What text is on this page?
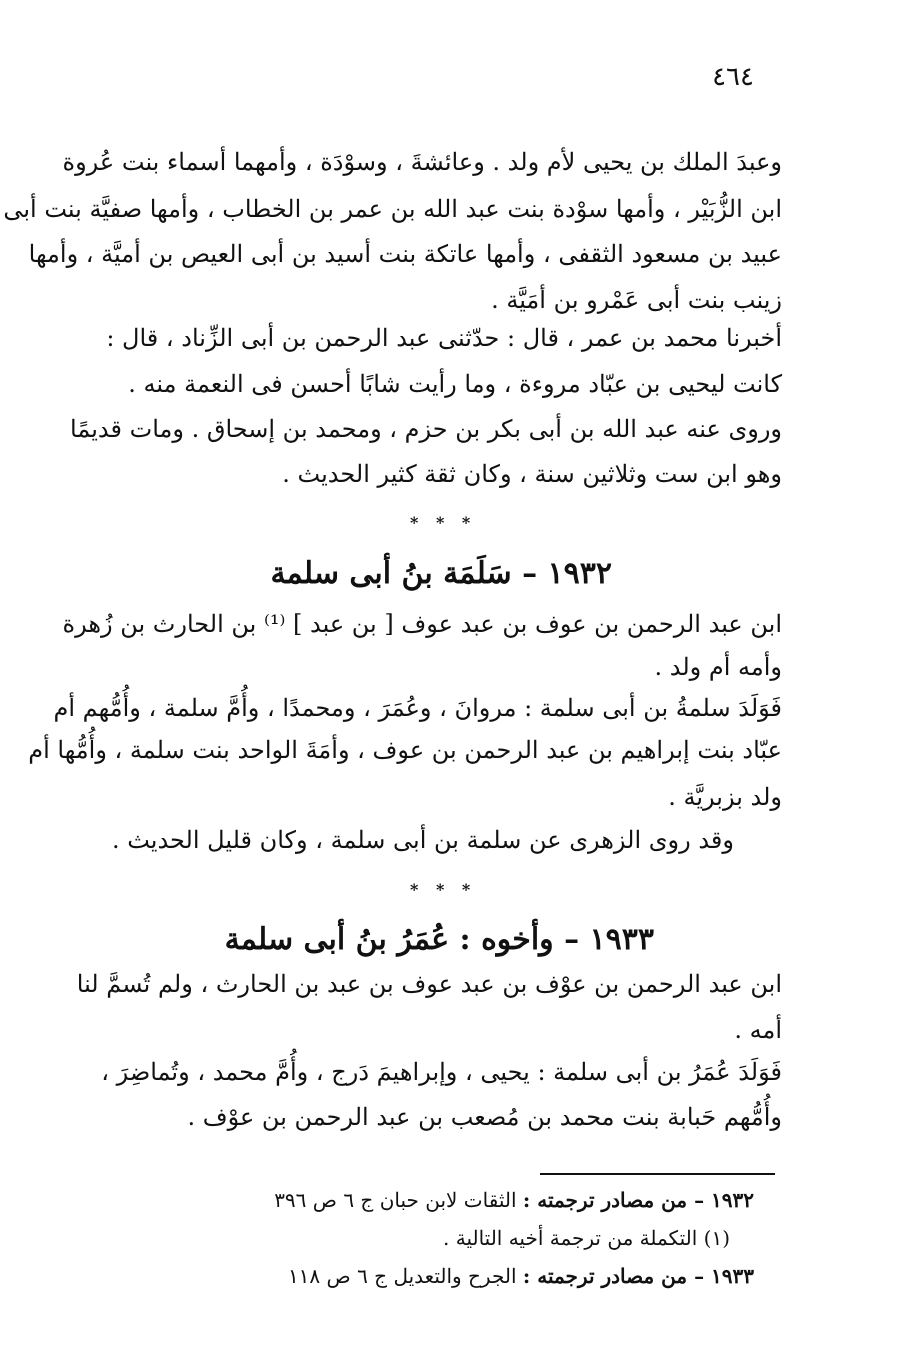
٤٦٤
وعبدَ الملك بن يحيى لأم ولد . وعائشةَ ، وسوْدَة ، وأمهما أسماء بنت عُروة
ابن الزُّبَيْر ، وأمها سوْدة بنت عبد الله بن عمر بن الخطاب ، وأمها صفيَّة بنت أبى
عبيد بن مسعود الثقفى ، وأمها عاتكة بنت أسيد بن أبى العيص بن أميَّة ، وأمها
زينب بنت أبى عَمْرو بن أمَيَّة .
أخبرنا محمد بن عمر ، قال : حدّثنى عبد الرحمن بن أبى الزِّناد ، قال :
كانت ليحيى بن عبّاد مروءة ، وما رأيت شابًا أحسن فى النعمة منه .
وروى عنه عبد الله بن أبى بكر بن حزم ، ومحمد بن إسحاق . ومات قديمًا
وهو ابن ست وثلاثين سنة ، وكان ثقة كثير الحديث .
* * *
١٩٣٢ – سَلَمَة بنُ أبى سلمة
ابن عبد الرحمن بن عوف بن عبد عوف [ بن عبد ] ⁽¹⁾ بن الحارث بن زُهرة
وأمه أم ولد .
فَوَلَدَ سلمةُ بن أبى سلمة : مروانَ ، وعُمَرَ ، ومحمدًا ، وأُمَّ سلمة ، وأُمُّهم أم
عبّاد بنت إبراهيم بن عبد الرحمن بن عوف ، وأمَةَ الواحد بنت سلمة ، وأُمُّها أم
ولد بزبريَّة .
وقد روى الزهرى عن سلمة بن أبى سلمة ، وكان قليل الحديث .
* * *
١٩٣٣ – وأخوه : عُمَرُ بنُ أبى سلمة
ابن عبد الرحمن بن عوْف بن عبد عوف بن عبد بن الحارث ، ولم تُسمَّ لنا
أمه .
فَوَلَدَ عُمَرُ بن أبى سلمة : يحيى ، وإبراهيمَ دَرج ، وأُمَّ محمد ، وتُماضِرَ ،
وأُمُّهم حَبابة بنت محمد بن مُصعب بن عبد الرحمن بن عوْف .
١٩٣٢ – من مصادر ترجمته : الثقات لابن حبان ج ٦ ص ٣٩٦
(١) التكملة من ترجمة أخيه التالية .
١٩٣٣ – من مصادر ترجمته : الجرح والتعديل ج ٦ ص ١١٨
